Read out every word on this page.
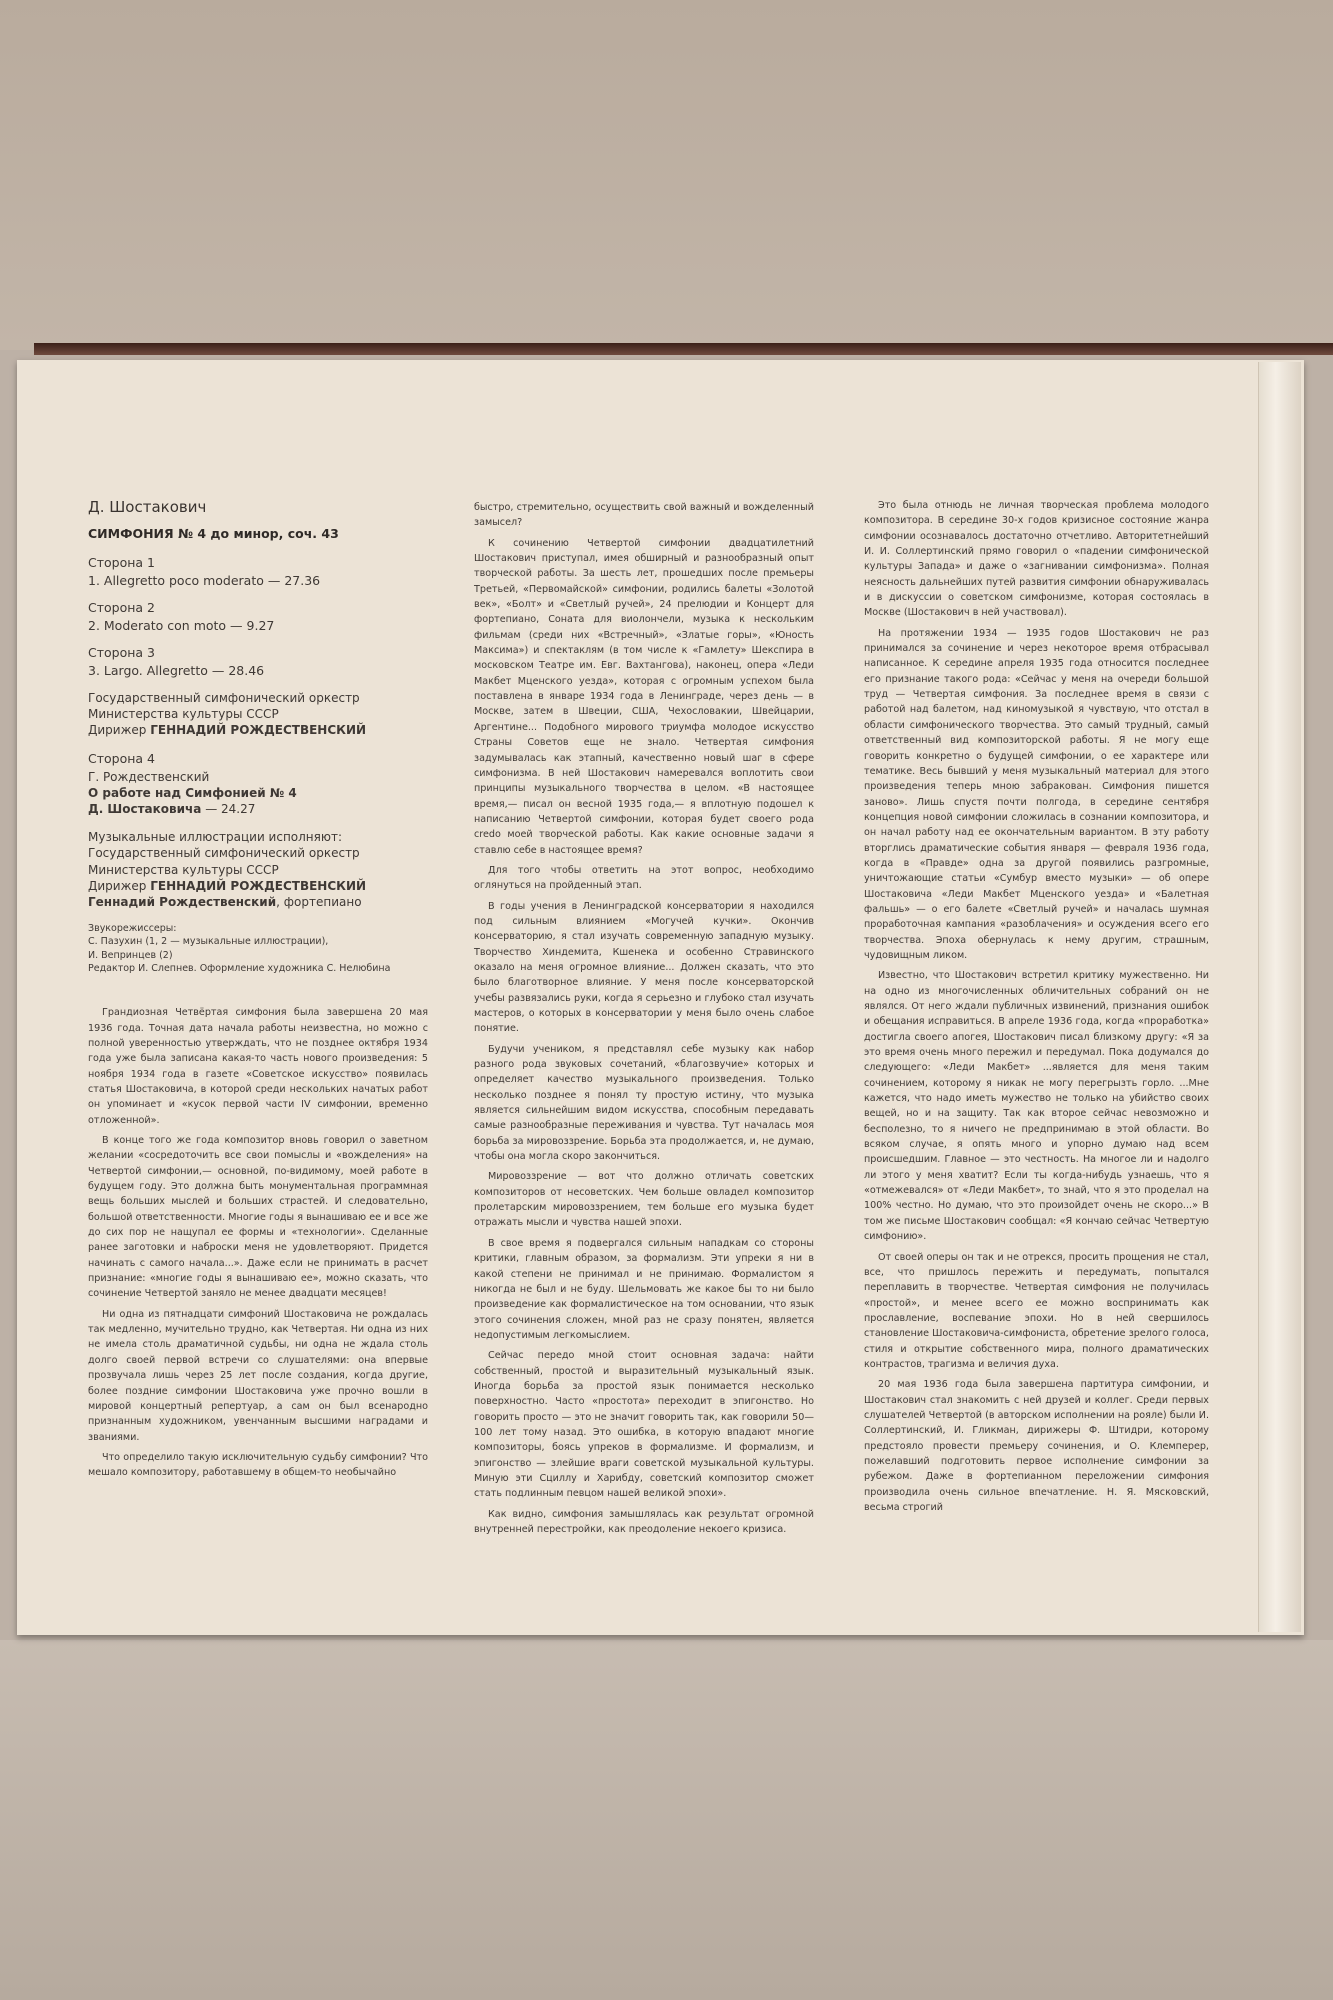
Д. Шостакович

СИМФОНИЯ № 4 до минор, соч. 43

Сторона 1

1. Allegretto poco moderato — 27.36

Сторона 2

2. Moderato con moto — 9.27

Сторона 3

3. Largo. Allegretto — 28.46

Государственный симфонический оркестр

Министерства культуры СССР

Дирижер ГЕННАДИЙ РОЖДЕСТВЕНСКИЙ

Сторона 4

Г. Рождественский

О работе над Симфонией № 4

Д. Шостаковича — 24.27

Музыкальные иллюстрации исполняют:

Государственный симфонический оркестр

Министерства культуры СССР

Дирижер ГЕННАДИЙ РОЖДЕСТВЕНСКИЙ

Геннадий Рождественский, фортепиано

Звукорежиссеры:

С. Пазухин (1, 2 — музыкальные иллюстрации),

И. Вепринцев (2)

Редактор И. Слепнев. Оформление художника С. Нелюбина

Грандиозная Четвёртая симфония была завершена 20 мая 1936 года. Точная дата начала работы неизвестна, но можно с полной уверенностью утверждать, что не позднее октября 1934 года уже была записана какая-то часть нового произведения: 5 ноября 1934 года в газете «Советское искусство» появилась статья Шостаковича, в которой среди нескольких начатых работ он упоминает и «кусок первой части IV симфонии, временно отложенной».

В конце того же года композитор вновь говорил о заветном желании «сосредоточить все свои помыслы и «вожделения» на Четвертой симфонии,— основной, по-видимому, моей работе в будущем году. Это должна быть монументальная программная вещь больших мыслей и больших страстей. И следовательно, большой ответственности. Многие годы я вынашиваю ее и все же до сих пор не нащупал ее формы и «технологии». Сделанные ранее заготовки и наброски меня не удовлетворяют. Придется начинать с самого начала...». Даже если не принимать в расчет признание: «многие годы я вынашиваю ее», можно сказать, что сочинение Четвертой заняло не менее двадцати месяцев!

Ни одна из пятнадцати симфоний Шостаковича не рождалась так медленно, мучительно трудно, как Четвертая. Ни одна из них не имела столь драматичной судьбы, ни одна не ждала столь долго своей первой встречи со слушателями: она впервые прозвучала лишь через 25 лет после создания, когда другие, более поздние симфонии Шостаковича уже прочно вошли в мировой концертный репертуар, а сам он был всенародно признанным художником, увенчанным высшими наградами и званиями.

Что определило такую исключительную судьбу симфонии? Что мешало композитору, работавшему в общем-то необычайно

быстро, стремительно, осуществить свой важный и вожделенный замысел?

К сочинению Четвертой симфонии двадцатилетний Шостакович приступал, имея обширный и разнообразный опыт творческой работы. За шесть лет, прошедших после премьеры Третьей, «Первомайской» симфонии, родились балеты «Золотой век», «Болт» и «Светлый ручей», 24 прелюдии и Концерт для фортепиано, Соната для виолончели, музыка к нескольким фильмам (среди них «Встречный», «Златые горы», «Юность Максима») и спектаклям (в том числе к «Гамлету» Шекспира в московском Театре им. Евг. Вахтангова), наконец, опера «Леди Макбет Мценского уезда», которая с огромным успехом была поставлена в январе 1934 года в Ленинграде, через день — в Москве, затем в Швеции, США, Чехословакии, Швейцарии, Аргентине... Подобного мирового триумфа молодое искусство Страны Советов еще не знало. Четвертая симфония задумывалась как этапный, качественно новый шаг в сфере симфонизма. В ней Шостакович намеревался воплотить свои принципы музыкального творчества в целом. «В настоящее время,— писал он весной 1935 года,— я вплотную подошел к написанию Четвертой симфонии, которая будет своего рода credo моей творческой работы. Как какие основные задачи я ставлю себе в настоящее время?

Для того чтобы ответить на этот вопрос, необходимо оглянуться на пройденный этап.

В годы учения в Ленинградской консерватории я находился под сильным влиянием «Могучей кучки». Окончив консерваторию, я стал изучать современную западную музыку. Творчество Хиндемита, Кшенека и особенно Стравинского оказало на меня огромное влияние... Должен сказать, что это было благотворное влияние. У меня после консерваторской учебы развязались руки, когда я серьезно и глубоко стал изучать мастеров, о которых в консерватории у меня было очень слабое понятие.

Будучи учеником, я представлял себе музыку как набор разного рода звуковых сочетаний, «благозвучие» которых и определяет качество музыкального произведения. Только несколько позднее я понял ту простую истину, что музыка является сильнейшим видом искусства, способным передавать самые разнообразные переживания и чувства. Тут началась моя борьба за мировоззрение. Борьба эта продолжается, и, не думаю, чтобы она могла скоро закончиться.

Мировоззрение — вот что должно отличать советских композиторов от несоветских. Чем больше овладел композитор пролетарским мировоззрением, тем больше его музыка будет отражать мысли и чувства нашей эпохи.

В свое время я подвергался сильным нападкам со стороны критики, главным образом, за формализм. Эти упреки я ни в какой степени не принимал и не принимаю. Формалистом я никогда не был и не буду. Шельмовать же какое бы то ни было произведение как формалистическое на том основании, что язык этого сочинения сложен, мной раз не сразу понятен, является недопустимым легкомыслием.

Сейчас передо мной стоит основная задача: найти собственный, простой и выразительный музыкальный язык. Иногда борьба за простой язык понимается несколько поверхностно. Часто «простота» переходит в эпигонство. Но говорить просто — это не значит говорить так, как говорили 50—100 лет тому назад. Это ошибка, в которую впадают многие композиторы, боясь упреков в формализме. И формализм, и эпигонство — злейшие враги советской музыкальной культуры. Миную эти Сциллу и Харибду, советский композитор сможет стать подлинным певцом нашей великой эпохи».

Как видно, симфония замышлялась как результат огромной внутренней перестройки, как преодоление некоего кризиса.

Это была отнюдь не личная творческая проблема молодого композитора. В середине 30-х годов кризисное состояние жанра симфонии осознавалось достаточно отчетливо. Авторитетнейший И. И. Соллертинский прямо говорил о «падении симфонической культуры Запада» и даже о «загнивании симфонизма». Полная неясность дальнейших путей развития симфонии обнаруживалась и в дискуссии о советском симфонизме, которая состоялась в Москве (Шостакович в ней участвовал).

На протяжении 1934 — 1935 годов Шостакович не раз принимался за сочинение и через некоторое время отбрасывал написанное. К середине апреля 1935 года относится последнее его признание такого рода: «Сейчас у меня на очереди большой труд — Четвертая симфония. За последнее время в связи с работой над балетом, над киномузыкой я чувствую, что отстал в области симфонического творчества. Это самый трудный, самый ответственный вид композиторской работы. Я не могу еще говорить конкретно о будущей симфонии, о ее характере или тематике. Весь бывший у меня музыкальный материал для этого произведения теперь мною забракован. Симфония пишется заново». Лишь спустя почти полгода, в середине сентября концепция новой симфонии сложилась в сознании композитора, и он начал работу над ее окончательным вариантом. В эту работу вторглись драматические события января — февраля 1936 года, когда в «Правде» одна за другой появились разгромные, уничтожающие статьи «Сумбур вместо музыки» — об опере Шостаковича «Леди Макбет Мценского уезда» и «Балетная фальшь» — о его балете «Светлый ручей» и началась шумная проработочная кампания «разоблачения» и осуждения всего его творчества. Эпоха обернулась к нему другим, страшным, чудовищным ликом.

Известно, что Шостакович встретил критику мужественно. Ни на одно из многочисленных обличительных собраний он не являлся. От него ждали публичных извинений, признания ошибок и обещания исправиться. В апреле 1936 года, когда «проработка» достигла своего апогея, Шостакович писал близкому другу: «Я за это время очень много пережил и передумал. Пока додумался до следующего: «Леди Макбет» ...является для меня таким сочинением, которому я никак не могу перегрызть горло. ...Мне кажется, что надо иметь мужество не только на убийство своих вещей, но и на защиту. Так как второе сейчас невозможно и бесполезно, то я ничего не предпринимаю в этой области. Во всяком случае, я опять много и упорно думаю над всем происшедшим. Главное — это честность. На многое ли и надолго ли этого у меня хватит? Если ты когда-нибудь узнаешь, что я «отмежевался» от «Леди Макбет», то знай, что я это проделал на 100% честно. Но думаю, что это произойдет очень не скоро...» В том же письме Шостакович сообщал: «Я кончаю сейчас Четвертую симфонию».

От своей оперы он так и не отрекся, просить прощения не стал, все, что пришлось пережить и передумать, попытался переплавить в творчестве. Четвертая симфония не получилась «простой», и менее всего ее можно воспринимать как прославление, воспевание эпохи. Но в ней свершилось становление Шостаковича-симфониста, обретение зрелого голоса, стиля и открытие собственного мира, полного драматических контрастов, трагизма и величия духа.

20 мая 1936 года была завершена партитура симфонии, и Шостакович стал знакомить с ней друзей и коллег. Среди первых слушателей Четвертой (в авторском исполнении на рояле) были И. Соллертинский, И. Гликман, дирижеры Ф. Штидри, которому предстояло провести премьеру сочинения, и О. Клемперер, пожелавший подготовить первое исполнение симфонии за рубежом. Даже в фортепианном переложении симфония производила очень сильное впечатление. Н. Я. Мясковский, весьма строгий
